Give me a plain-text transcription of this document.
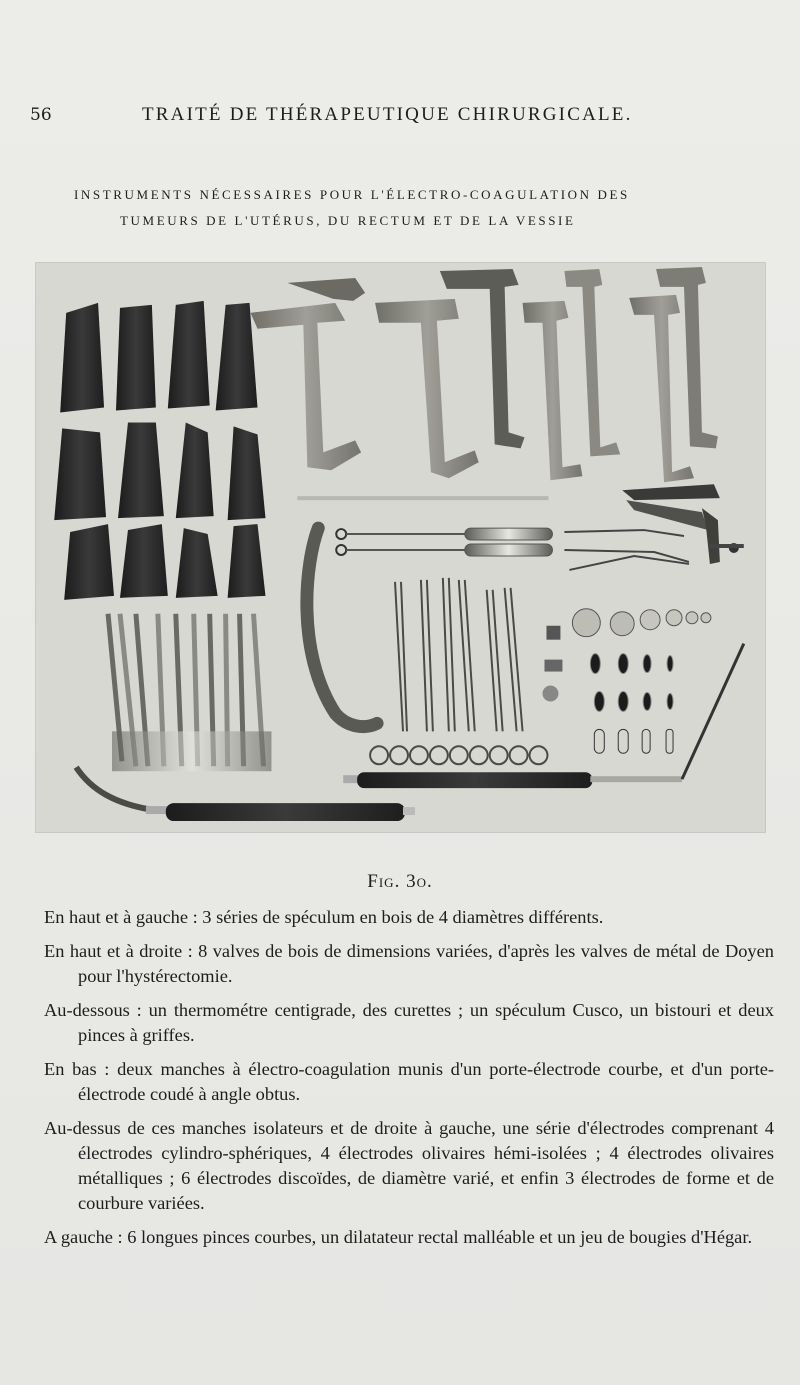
56	TRAITÉ DE THÉRAPEUTIQUE CHIRURGICALE.
INSTRUMENTS NÉCESSAIRES POUR L'ÉLECTRO-COAGULATION DES
TUMEURS DE L'UTÉRUS, DU RECTUM ET DE LA VESSIE
Fig. 3o.

En haut et à gauche : 3 séries de spéculum en bois de 4 diamètres différents.

En haut et à droite : 8 valves de bois de dimensions variées, d'après les valves de métal de Doyen pour l'hystérectomie.

Au-dessous : un thermométre centigrade, des curettes ; un spéculum Cusco, un bistouri et deux pinces à griffes.

En bas : deux manches à électro-coagulation munis d'un porte-électrode courbe, et d'un porte-électrode coudé à angle obtus.

Au-dessus de ces manches isolateurs et de droite à gauche, une série d'électrodes comprenant 4 électrodes cylindro-sphériques, 4 électrodes olivaires hémi-isolées ; 4 électrodes olivaires métalliques ; 6 électrodes discoïdes, de diamètre varié, et enfin 3 électrodes de forme et de courbure variées.

A gauche : 6 longues pinces courbes, un dilatateur rectal malléable et un jeu de bougies d'Hégar.
